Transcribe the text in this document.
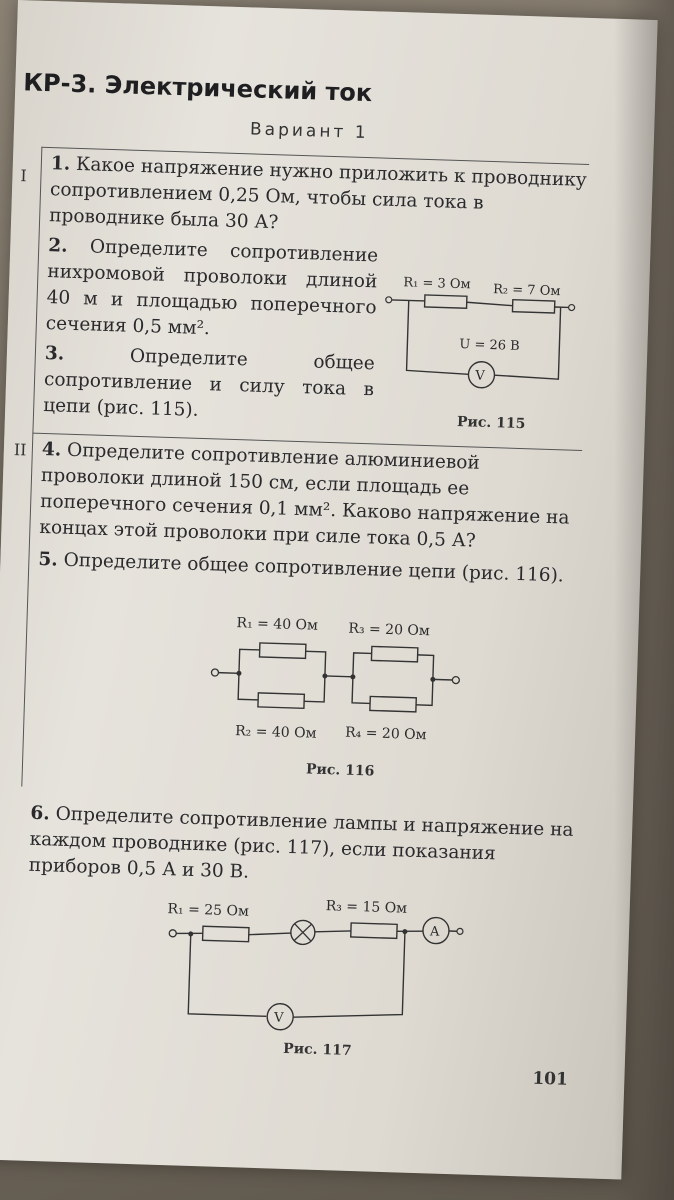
КР-3. Электрический ток
Вариант 1
I

1. Какое напряжение нужно приложить к проводнику сопротивлением 0,25 Ом, чтобы сила тока в проводнике была 30 А?

2. Определите сопротивление нихромовой проволоки длиной 40 м и площадью поперечного сечения 0,5 мм².

3.	Определите общее сопротивление и силу тока в цепи (рис. 115).

R₁ = 3 Ом R₂ = 7 Ом
V
U = 26 В
Рис. 115
II 4. Определите сопротивление алюминиевой проволоки длиной 150 см, если площадь ее поперечного сечения 0,1 мм². Каково напряжение на концах этой проволоки при силе тока 0,5 А?

5. Определите общее сопротивление цепи (рис. 116).

R₁ = 40 Ом R₃ = 20 Ом
R₂ = 40 Ом R₄ = 20 Ом
Рис. 116

6. Определите сопротивление лампы и напряжение на каждом проводнике (рис. 117), если показания приборов 0,5 А и 30 В.

R₁ = 25 Ом	R₃ = 15 Ом
A
V
Рис. 117
101
